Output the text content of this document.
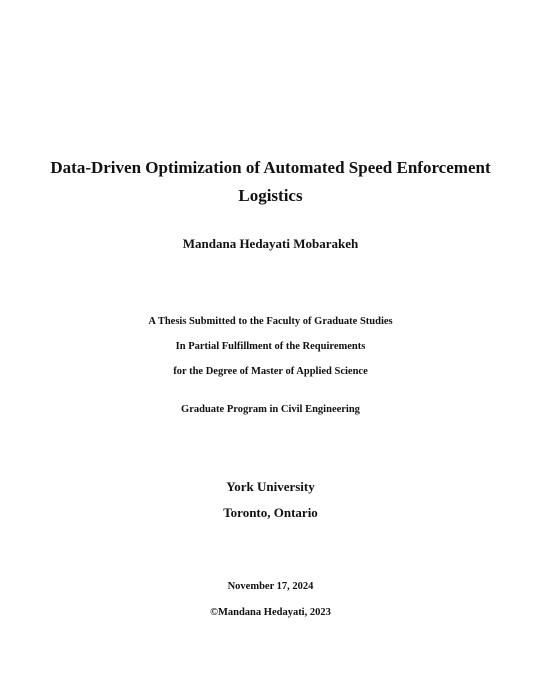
Data-Driven Optimization of Automated Speed Enforcement
Logistics
Mandana Hedayati Mobarakeh
A Thesis Submitted to the Faculty of Graduate Studies
In Partial Fulfillment of the Requirements
for the Degree of Master of Applied Science
Graduate Program in Civil Engineering
York University
Toronto, Ontario
November 17, 2024
©Mandana Hedayati, 2023
